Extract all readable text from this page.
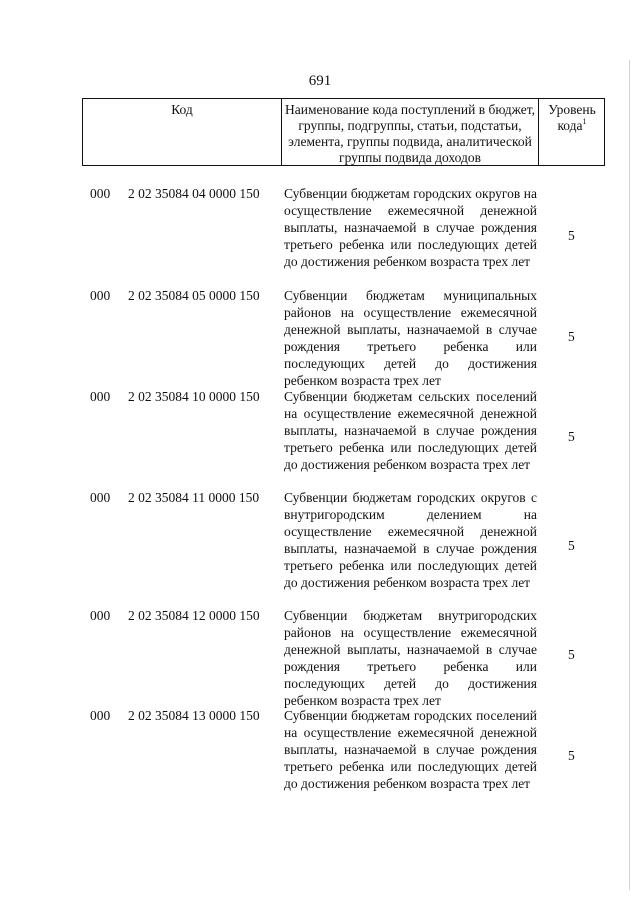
691
Код	Наименование кода поступлений в бюджет, группы, подгруппы, статьи, подстатьи, элемента, группы подвида, аналитической группы подвида доходов
Уровень кода$^1$
000 2 02 35084 04 0000 150 Субвенции бюджетам городских округов на осуществление ежемесячной денежной выплаты, назначаемой в случае рождения третьего ребенка или последующих детей до достижения ребенком возраста трех лет
5
000 2 02 35084 05 0000 150 Субвенции бюджетам муниципальных районов на осуществление ежемесячной денежной выплаты, назначаемой в случае рождения третьего ребенка или последующих детей до достижения ребенком возраста трех лет
5
000 2 02 35084 10 0000 150 Субвенции бюджетам сельских поселений на осуществление ежемесячной денежной выплаты, назначаемой в случае рождения третьего ребенка или последующих детей до достижения ребенком возраста трех лет
5
000 2 02 35084 11 0000 150 Субвенции бюджетам городских округов с внутригородским делением на осуществление ежемесячной денежной выплаты, назначаемой в случае рождения третьего ребенка или последующих детей до достижения ребенком возраста трех лет
5
000 2 02 35084 12 0000 150 Субвенции бюджетам внутригородских районов на осуществление ежемесячной денежной выплаты, назначаемой в случае рождения третьего ребенка или последующих детей до достижения ребенком возраста трех лет
5
000 2 02 35084 13 0000 150 Субвенции бюджетам городских поселений на осуществление ежемесячной денежной выплаты, назначаемой в случае рождения третьего ребенка или последующих детей до достижения ребенком возраста трех лет
5
